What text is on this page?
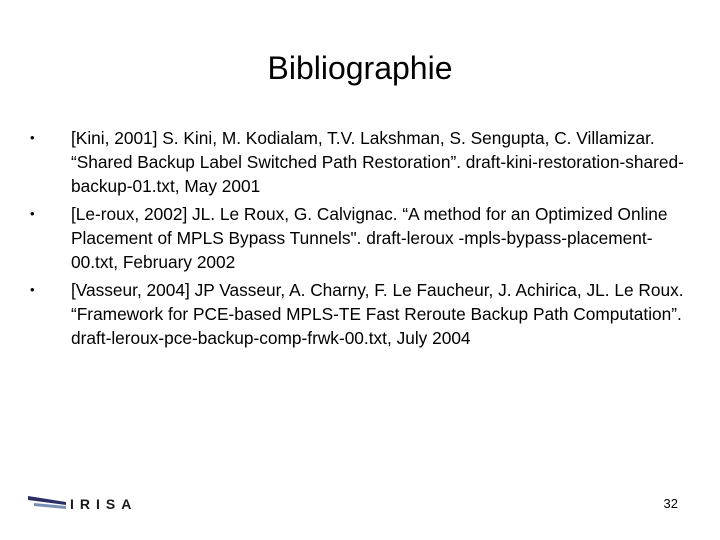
Bibliographie
• [Kini, 2001] S. Kini, M. Kodialam, T.V. Lakshman, S. Sengupta, C. Villamizar. “Shared Backup Label Switched Path Restoration”. draft-kini-restoration-shared-backup-01.txt, May 2001
• [Le-roux, 2002] JL. Le Roux, G. Calvignac. “A method for an Optimized Online Placement of MPLS Bypass Tunnels". draft-leroux -mpls-bypass-placement-00.txt, February 2002
• [Vasseur, 2004] JP Vasseur, A. Charny, F. Le Faucheur, J. Achirica, JL. Le Roux. “Framework for PCE-based MPLS-TE Fast Reroute Backup Path Computation”. draft-leroux-pce-backup-comp-frwk-00.txt, July 2004
IRISA	32
